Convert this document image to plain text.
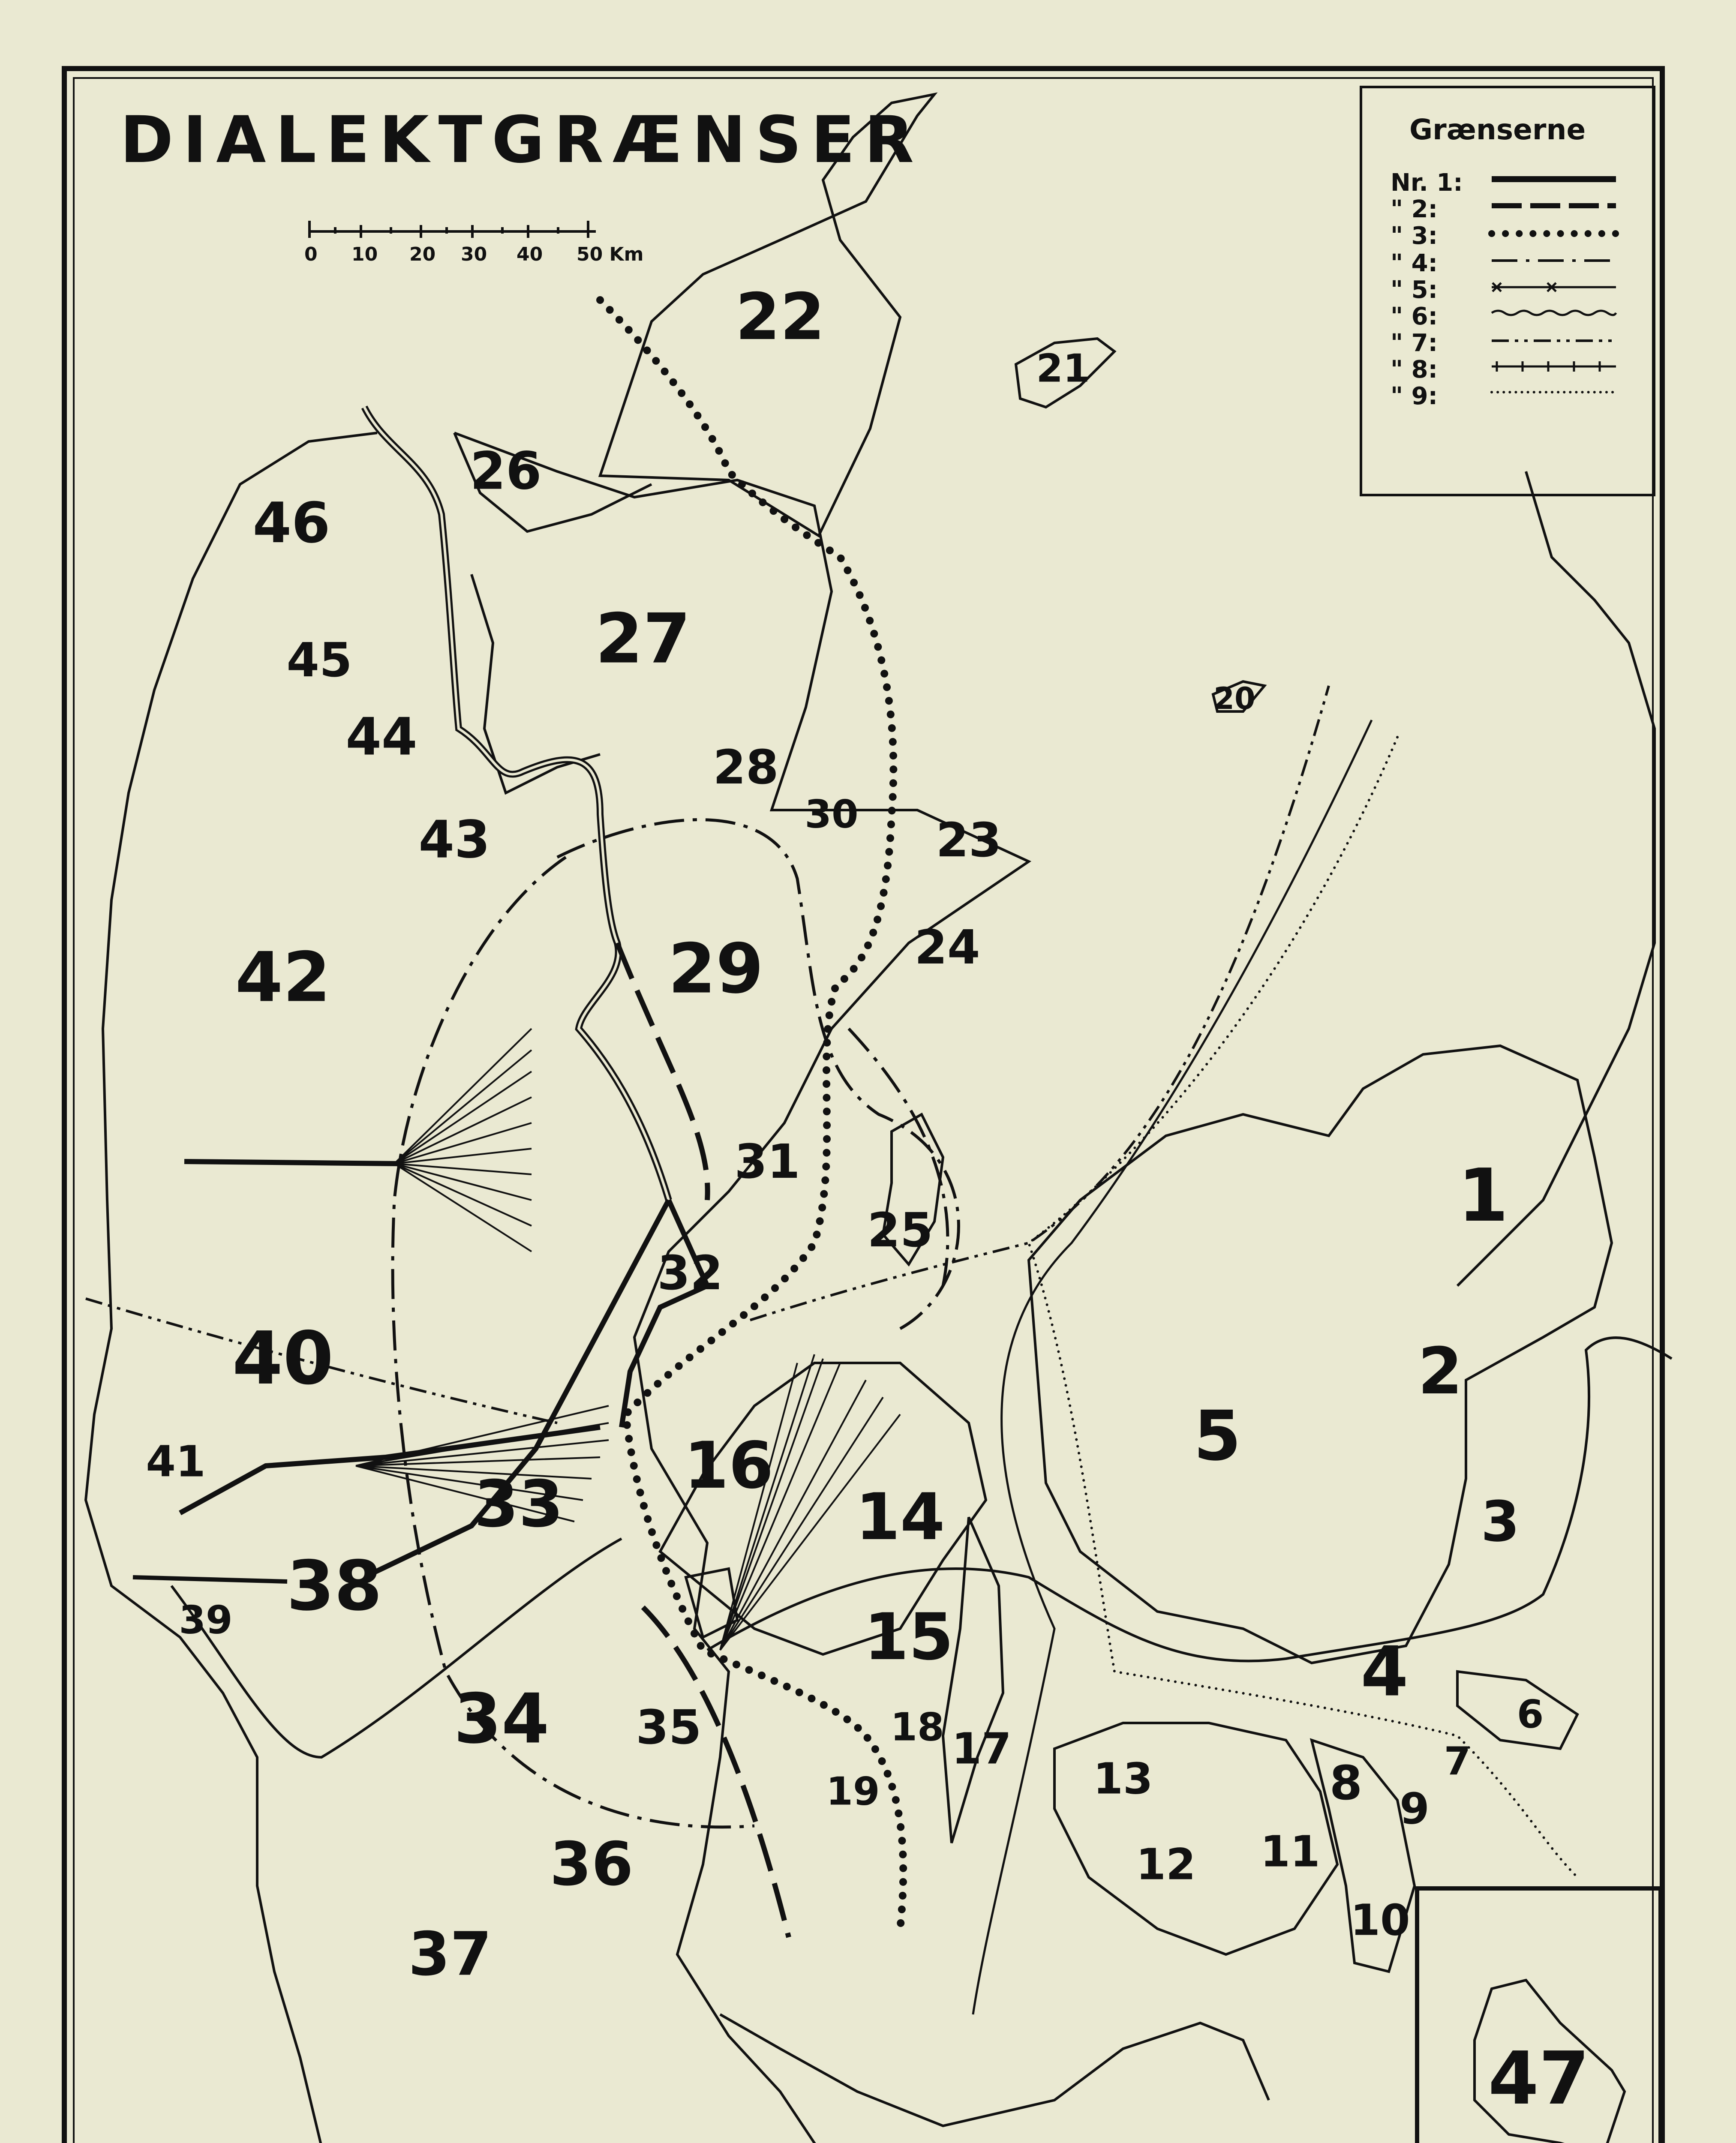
DIALEKTGRÆNSER
0 10 20 30 40 50 Km
Grænserne
Nr. 1:
" 2:
" 3:
" 4:
" 5:
" 6:
" 7:
" 8:
" 9:
1
2
3
4
5
6
7
8 9
10
11
12
13
14
15
16
17
18
19
20
21
22
23
24
25
26
27
28
29
30
31
32
33
34 35
36
37
38
39
40
41
42
43
44
45
46
47
